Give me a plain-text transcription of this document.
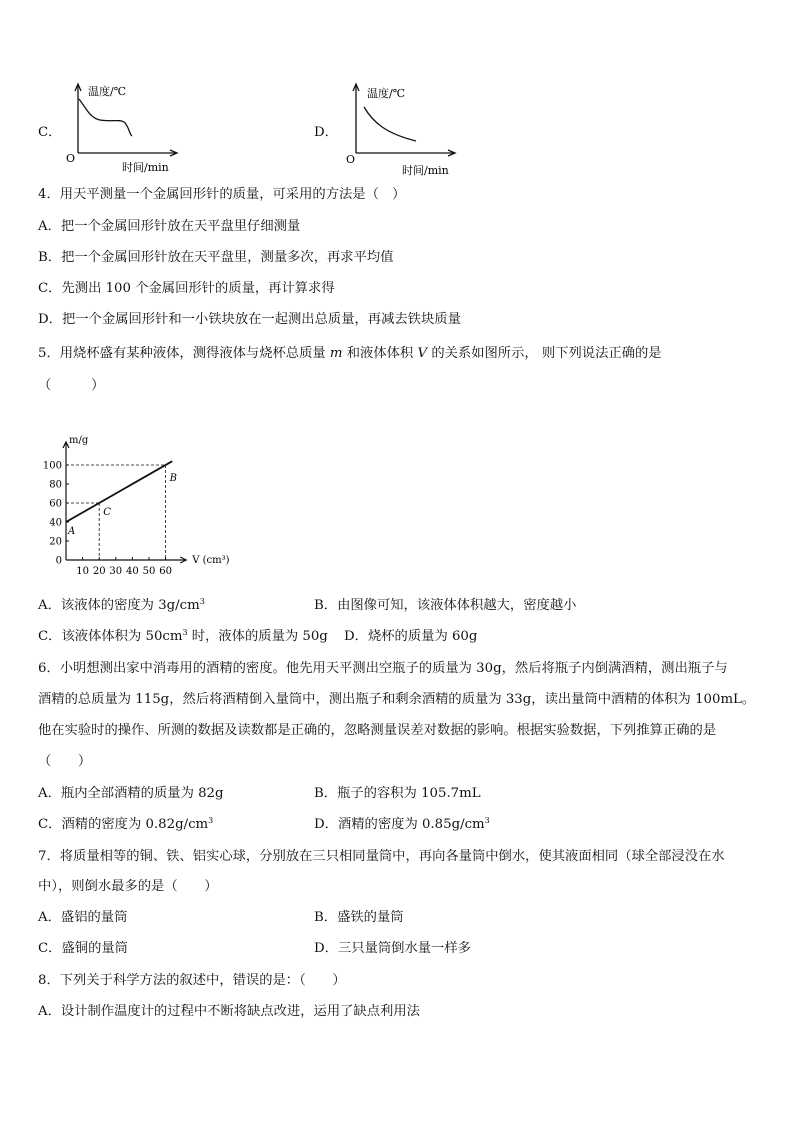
C．
温度/℃
O
时间/min
D．
温度/℃
O
时间/min
4．用天平测量一个金属回形针的质量，可采用的方法是（　）
A．把一个金属回形针放在天平盘里仔细测量
B．把一个金属回形针放在天平盘里，测量多次，再求平均值
C．先测出 100 个金属回形针的质量，再计算求得
D．把一个金属回形针和一小铁块放在一起测出总质量，再减去铁块质量
5．用烧杯盛有某种液体，测得液体与烧杯总质量 m 和液体体积 V 的关系如图所示， 则下列说法正确的是
（　　　）
10 20 30 40 50 60
0
20
40
60
80
100
A
C
B
m/g
V (cm³)
A．该液体的密度为 $3g/cm^3$	B．由图像可知，该液体体积越大，密度越小
C．该液体体积为 $50cm^3$ 时，液体的质量为 50g D．烧杯的质量为 60g
6．小明想测出家中消毒用的酒精的密度。他先用天平测出空瓶子的质量为 30g，然后将瓶子内倒满酒精，测出瓶子与
酒精的总质量为 115g，然后将酒精倒入量筒中，测出瓶子和剩余酒精的质量为 33g，读出量筒中酒精的体积为 100mL。
他在实验时的操作、所测的数据及读数都是正确的，忽略测量误差对数据的影响。根据实验数据，下列推算正确的是
（　　）
A．瓶内全部酒精的质量为 82g	B．瓶子的容积为 105.7mL
C．酒精的密度为 $0.82g/cm^3$	D．酒精的密度为 $0.85g/cm^3$
7．将质量相等的铜、铁、铝实心球，分别放在三只相同量筒中，再向各量筒中倒水，使其液面相同（球全部浸没在水
中），则倒水最多的是（　　）
A．盛铝的量筒	B．盛铁的量筒
C．盛铜的量筒	D．三只量筒倒水量一样多
8．下列关于科学方法的叙述中，错误的是：（　　）
A．设计制作温度计的过程中不断将缺点改进，运用了缺点利用法
